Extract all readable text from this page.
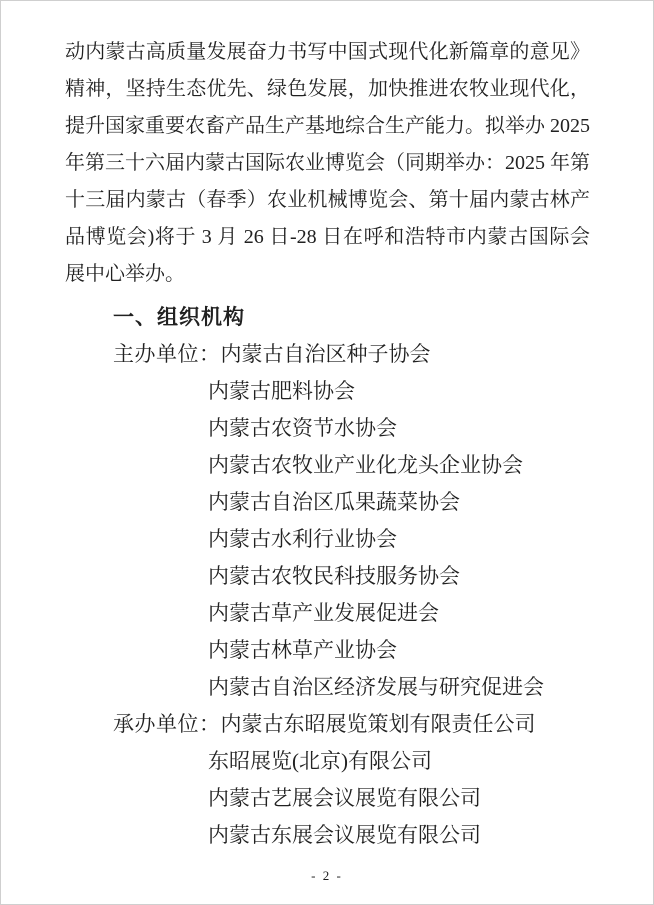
动内蒙古高质量发展奋力书写中国式现代化新篇章的意见》
精神，坚持生态优先、绿色发展，加快推进农牧业现代化，
提升国家重要农畜产品生产基地综合生产能力。拟举办 2025
年第三十六届内蒙古国际农业博览会（同期举办：2025 年第
十三届内蒙古（春季）农业机械博览会、第十届内蒙古林产
品博览会)将于 3 月 26 日-28 日在呼和浩特市内蒙古国际会
展中心举办。
一、组织机构
主办单位：内蒙古自治区种子协会
内蒙古肥料协会
内蒙古农资节水协会
内蒙古农牧业产业化龙头企业协会
内蒙古自治区瓜果蔬菜协会
内蒙古水利行业协会
内蒙古农牧民科技服务协会
内蒙古草产业发展促进会
内蒙古林草产业协会
内蒙古自治区经济发展与研究促进会
承办单位：内蒙古东昭展览策划有限责任公司
东昭展览(北京)有限公司
内蒙古艺展会议展览有限公司
内蒙古东展会议展览有限公司
- 2 -
